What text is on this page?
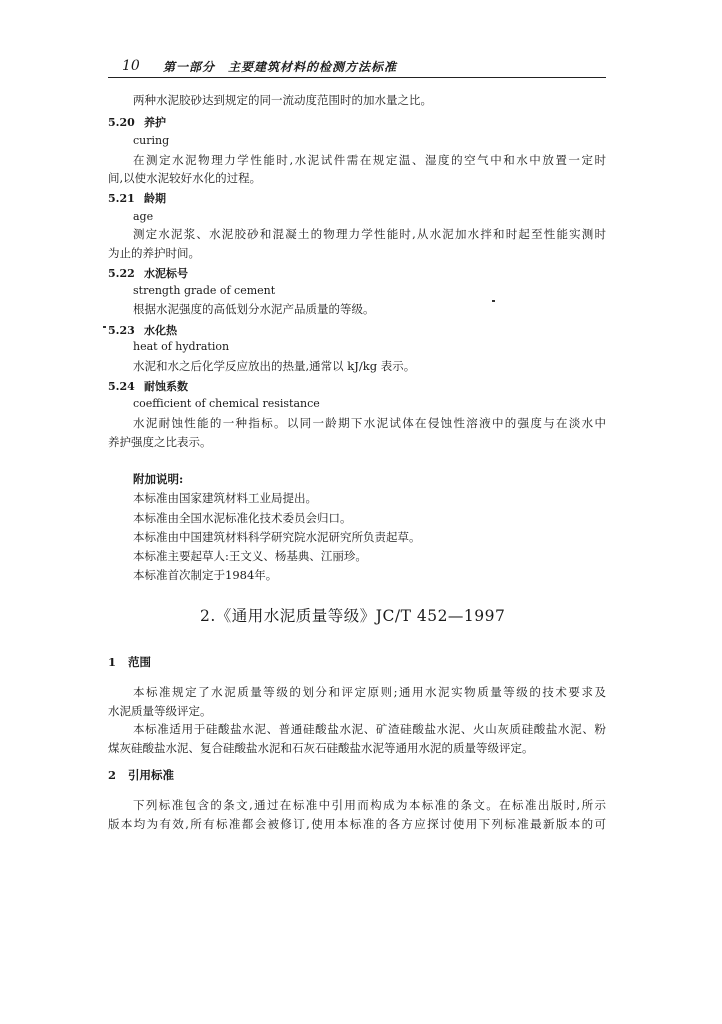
10 第一部分　主要建筑材料的检测方法标准
两种水泥胶砂达到规定的同一流动度范围时的加水量之比。
5.20 养护
curing
在测定水泥物理力学性能时,水泥试件需在规定温、湿度的空气中和水中放置一定时
间,以使水泥较好水化的过程。
5.21 龄期
age
测定水泥浆、水泥胶砂和混凝土的物理力学性能时,从水泥加水拌和时起至性能实测时
为止的养护时间。
5.22 水泥标号
strength grade of cement
根据水泥强度的高低划分水泥产品质量的等级。
5.23 水化热
heat of hydration
水泥和水之后化学反应放出的热量,通常以 kJ/kg 表示。
5.24 耐蚀系数
coefficient of chemical resistance
水泥耐蚀性能的一种指标。以同一龄期下水泥试体在侵蚀性溶液中的强度与在淡水中
养护强度之比表示。
附加说明:
本标准由国家建筑材料工业局提出。
本标准由全国水泥标准化技术委员会归口。
本标准由中国建筑材料科学研究院水泥研究所负责起草。
本标准主要起草人:王文义、杨基典、江丽珍。
本标准首次制定于1984年。
2.《通用水泥质量等级》JC/T 452—1997
1 范围
本标准规定了水泥质量等级的划分和评定原则;通用水泥实物质量等级的技术要求及
水泥质量等级评定。
本标准适用于硅酸盐水泥、普通硅酸盐水泥、矿渣硅酸盐水泥、火山灰质硅酸盐水泥、粉
煤灰硅酸盐水泥、复合硅酸盐水泥和石灰石硅酸盐水泥等通用水泥的质量等级评定。
2 引用标准
下列标准包含的条文,通过在标准中引用而构成为本标准的条文。在标准出版时,所示
版本均为有效,所有标准都会被修订,使用本标准的各方应探讨使用下列标准最新版本的可
